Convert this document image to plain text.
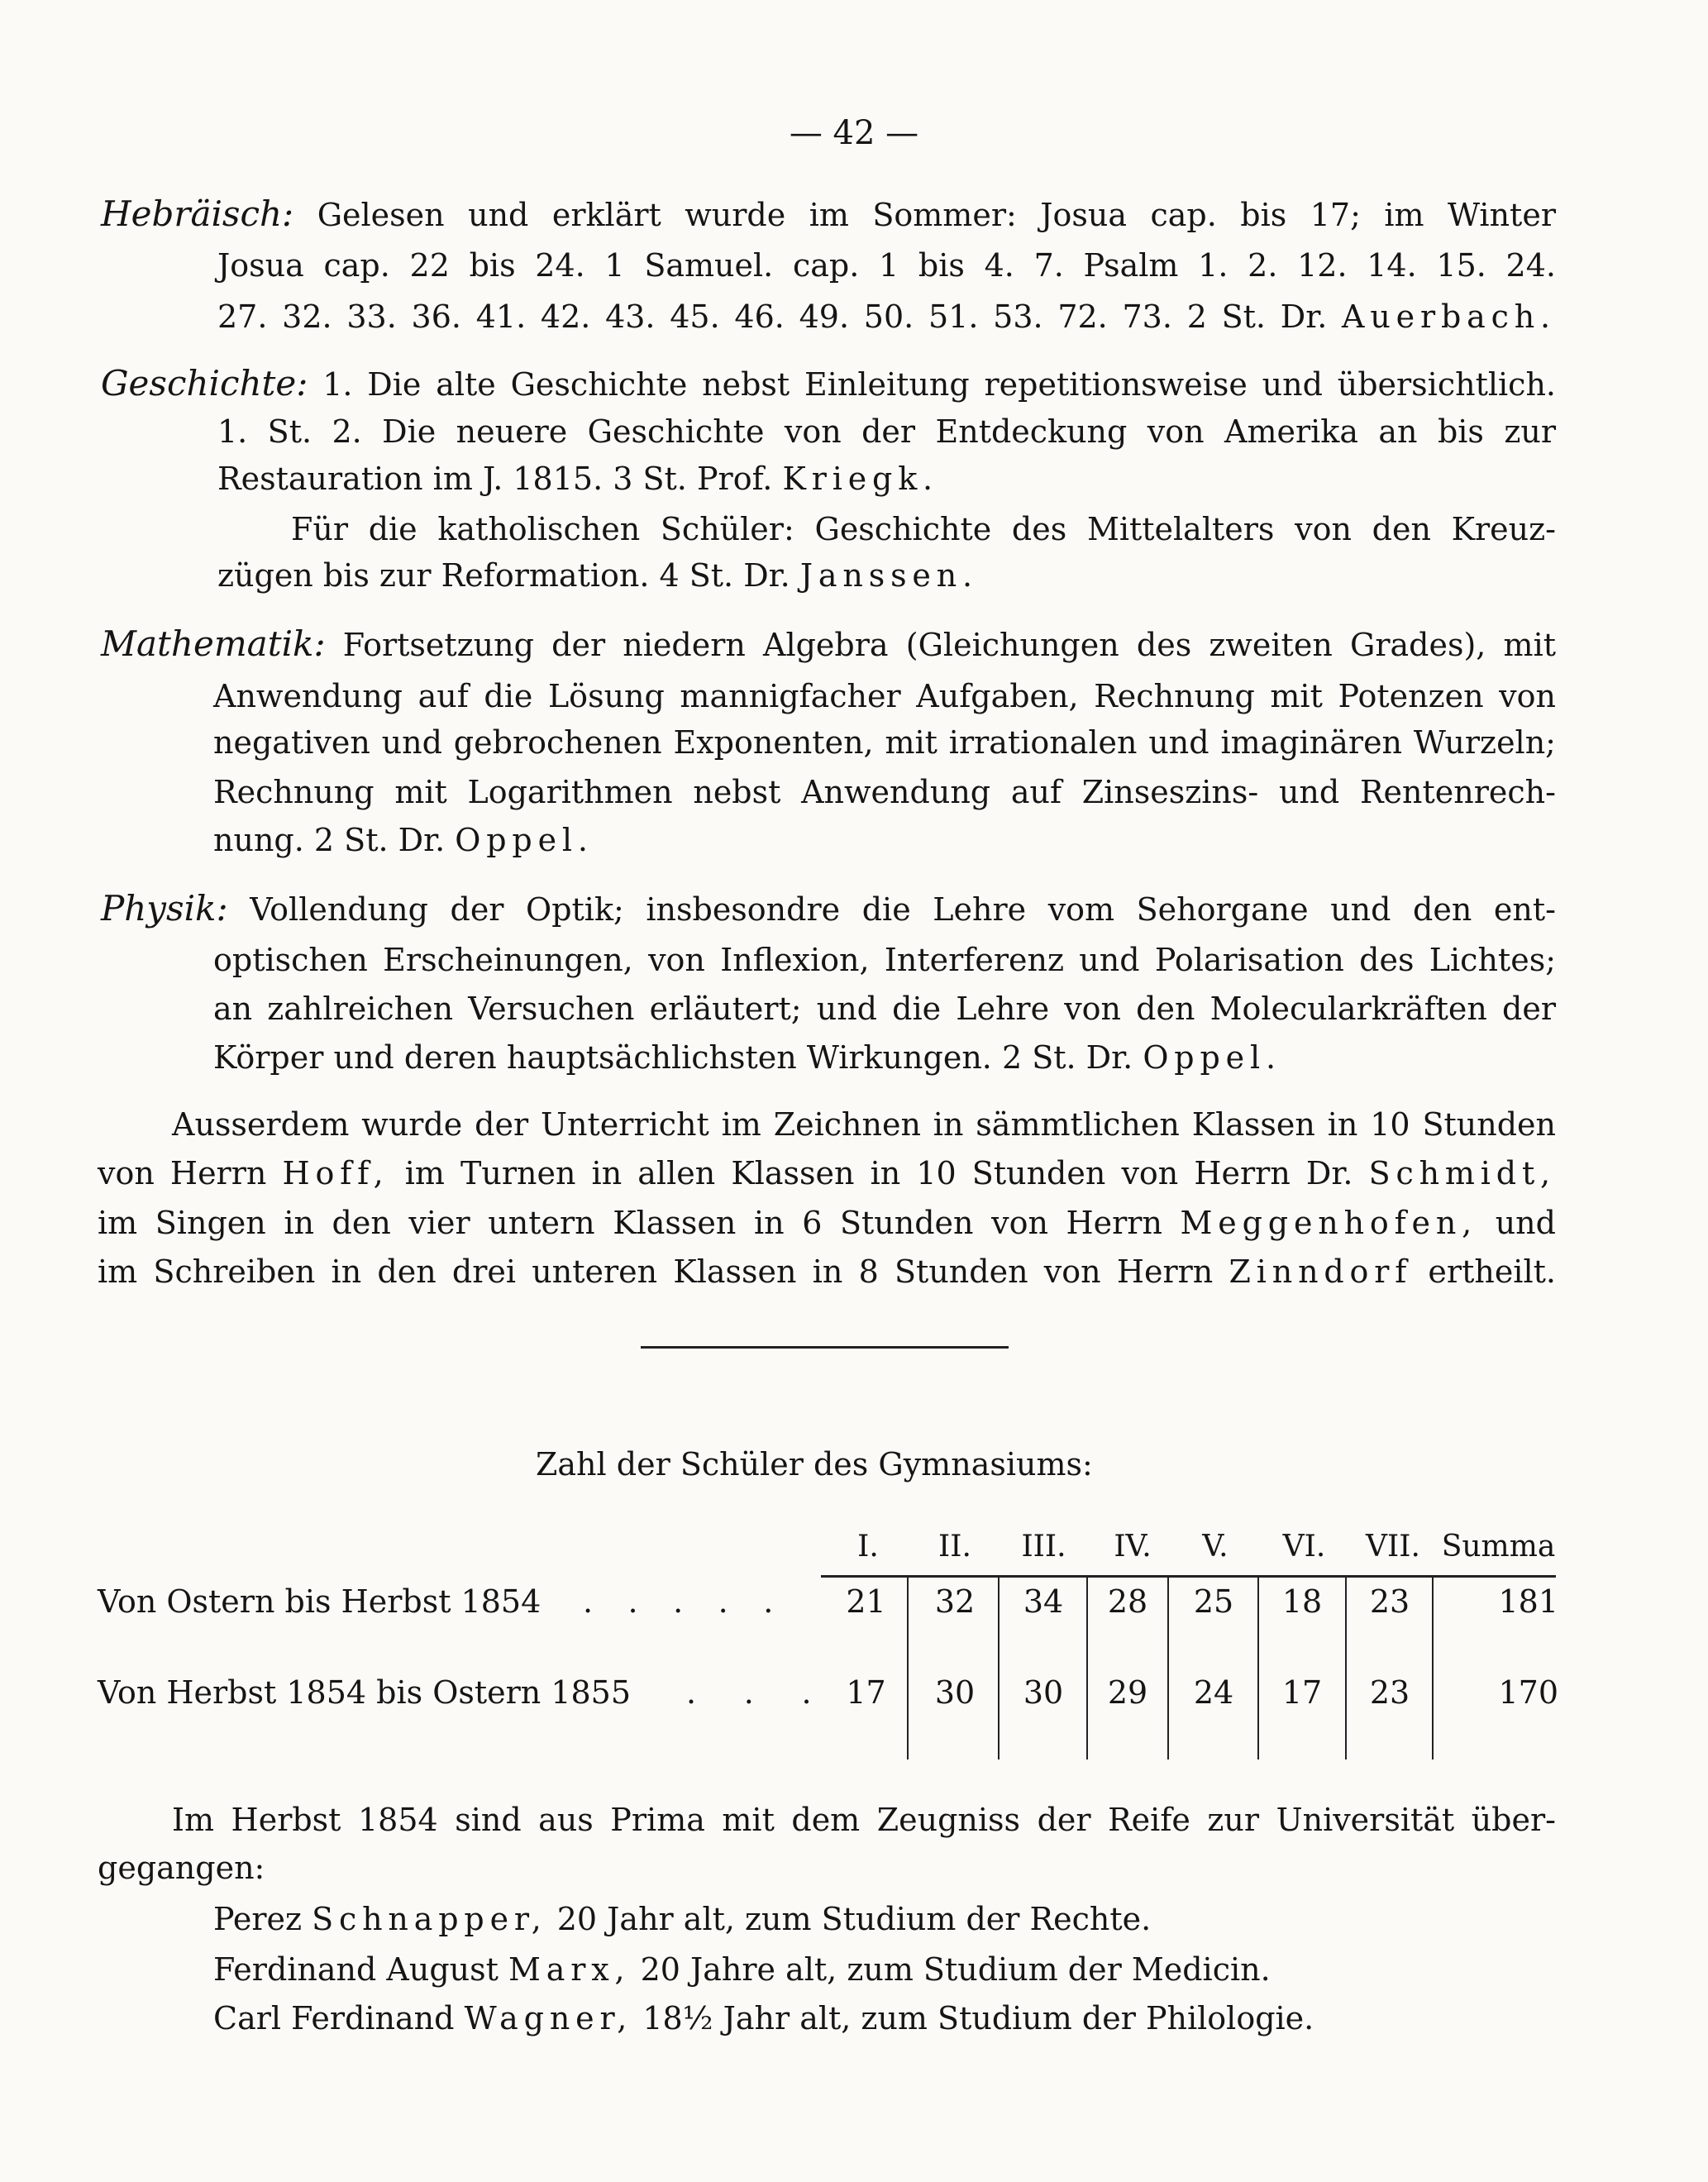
— 42 —
Hebräisch: Gelesen und erklärt wurde im Sommer: Josua cap. bis 17; im Winter
Josua cap. 22 bis 24. 1 Samuel. cap. 1 bis 4. 7. Psalm 1. 2. 12. 14. 15. 24.
27. 32. 33. 36. 41. 42. 43. 45. 46. 49. 50. 51. 53. 72. 73. 2 St. Dr. Auerbach.
Geschichte: 1. Die alte Geschichte nebst Einleitung repetitionsweise und übersichtlich.
1. St. 2. Die neuere Geschichte von der Entdeckung von Amerika an bis zur
Restauration im J. 1815. 3 St. Prof. Kriegk.
Für die katholischen Schüler: Geschichte des Mittelalters von den Kreuz-
zügen bis zur Reformation. 4 St. Dr. Janssen.
Mathematik: Fortsetzung der niedern Algebra (Gleichungen des zweiten Grades), mit
Anwendung auf die Lösung mannigfacher Aufgaben, Rechnung mit Potenzen von
negativen und gebrochenen Exponenten, mit irrationalen und imaginären Wurzeln;
Rechnung mit Logarithmen nebst Anwendung auf Zinseszins- und Rentenrech-
nung. 2 St. Dr. Oppel.
Physik: Vollendung der Optik; insbesondre die Lehre vom Sehorgane und den ent-
optischen Erscheinungen, von Inflexion, Interferenz und Polarisation des Lichtes;
an zahlreichen Versuchen erläutert; und die Lehre von den Molecularkräften der
Körper und deren hauptsächlichsten Wirkungen. 2 St. Dr. Oppel.
Ausserdem wurde der Unterricht im Zeichnen in sämmtlichen Klassen in 10 Stunden
von Herrn Hoff, im Turnen in allen Klassen in 10 Stunden von Herrn Dr. Schmidt,
im Singen in den vier untern Klassen in 6 Stunden von Herrn Meggenhofen, und
im Schreiben in den drei unteren Klassen in 8 Stunden von Herrn Zinndorf ertheilt.
Zahl der Schüler des Gymnasiums:
I.	II.	III.	IV.	V.	VI.	VII. Summa
Von Ostern bis Herbst 1854 . . . . .	21	32	34	28	25	18	23	181
Von Herbst 1854 bis Ostern 1855 . . . 17	30	30	29	24	17	23	170
Im Herbst 1854 sind aus Prima mit dem Zeugniss der Reife zur Universität über-
gegangen:
Perez Schnapper, 20 Jahr alt, zum Studium der Rechte.
Ferdinand August Marx, 20 Jahre alt, zum Studium der Medicin.
Carl Ferdinand Wagner, 18½ Jahr alt, zum Studium der Philologie.
